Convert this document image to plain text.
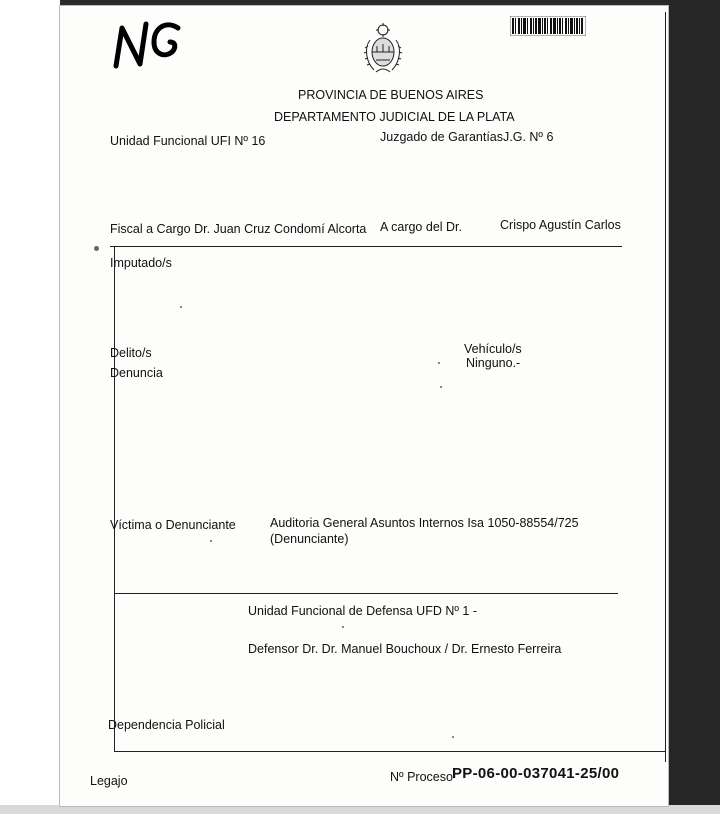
PROVINCIA DE BUENOS AIRES
DEPARTAMENTO JUDICIAL DE LA PLATA
Unidad Funcional UFI Nº 16	Juzgado de GarantíasJ.G. Nº 6
Fiscal a Cargo Dr. Juan Cruz Condomí Alcorta A cargo del Dr.	Crispo Agustín Carlos
Imputado/s
Delito/s
Denuncia
Vehículo/s
Ninguno.-
Víctima o Denunciante	Auditoria General Asuntos Internos Isa 1050-88554/725
(Denunciante)
Unidad Funcional de Defensa UFD Nº 1 -
Defensor Dr. Dr. Manuel Bouchoux / Dr. Ernesto Ferreira
Dependencia Policial
Legajo	Nº Proceso PP-06-00-037041-25/00
